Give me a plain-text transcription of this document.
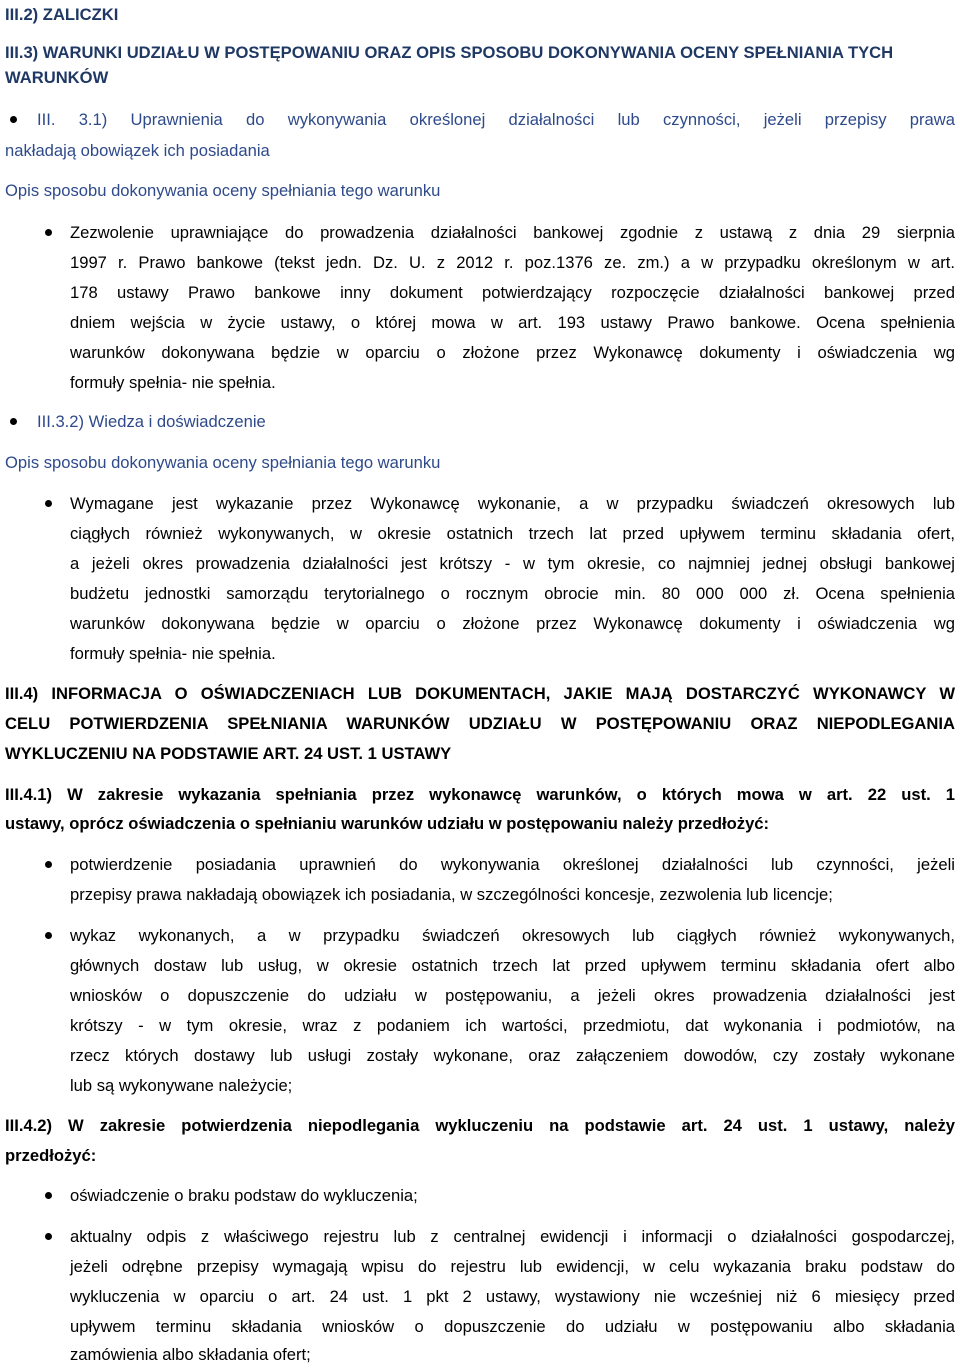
III.2) ZALICZKI
III.3) WARUNKI UDZIAŁU W POSTĘPOWANIU ORAZ OPIS SPOSOBU DOKONYWANIA OCENY SPEŁNIANIA TYCH
WARUNKÓW
III. 3.1) Uprawnienia do wykonywania określonej działalności lub czynności, jeżeli przepisy prawa
nakładają obowiązek ich posiadania
Opis sposobu dokonywania oceny spełniania tego warunku
Zezwolenie uprawniające do prowadzenia działalności bankowej zgodnie z ustawą z dnia 29 sierpnia
1997 r. Prawo bankowe (tekst jedn. Dz. U. z 2012 r. poz.1376 ze. zm.) a w przypadku określonym w art.
178 ustawy Prawo bankowe inny dokument potwierdzający rozpoczęcie działalności bankowej przed
dniem wejścia w życie ustawy, o której mowa w art. 193 ustawy Prawo bankowe. Ocena spełnienia
warunków dokonywana będzie w oparciu o złożone przez Wykonawcę dokumenty i oświadczenia wg
formuły spełnia- nie spełnia.
III.3.2) Wiedza i doświadczenie
Opis sposobu dokonywania oceny spełniania tego warunku
Wymagane jest wykazanie przez Wykonawcę wykonanie, a w przypadku świadczeń okresowych lub
ciągłych również wykonywanych, w okresie ostatnich trzech lat przed upływem terminu składania ofert,
a jeżeli okres prowadzenia działalności jest krótszy - w tym okresie, co najmniej jednej obsługi bankowej
budżetu jednostki samorządu terytorialnego o rocznym obrocie min. 80 000 000 zł. Ocena spełnienia
warunków dokonywana będzie w oparciu o złożone przez Wykonawcę dokumenty i oświadczenia wg
formuły spełnia- nie spełnia.
III.4) INFORMACJA O OŚWIADCZENIACH LUB DOKUMENTACH, JAKIE MAJĄ DOSTARCZYĆ WYKONAWCY W
CELU POTWIERDZENIA SPEŁNIANIA WARUNKÓW UDZIAŁU W POSTĘPOWANIU ORAZ NIEPODLEGANIA
WYKLUCZENIU NA PODSTAWIE ART. 24 UST. 1 USTAWY
III.4.1) W zakresie wykazania spełniania przez wykonawcę warunków, o których mowa w art. 22 ust. 1
ustawy, oprócz oświadczenia o spełnianiu warunków udziału w postępowaniu należy przedłożyć:
potwierdzenie posiadania uprawnień do wykonywania określonej działalności lub czynności, jeżeli
przepisy prawa nakładają obowiązek ich posiadania, w szczególności koncesje, zezwolenia lub licencje;
wykaz wykonanych, a w przypadku świadczeń okresowych lub ciągłych również wykonywanych,
głównych dostaw lub usług, w okresie ostatnich trzech lat przed upływem terminu składania ofert albo
wniosków o dopuszczenie do udziału w postępowaniu, a jeżeli okres prowadzenia działalności jest
krótszy - w tym okresie, wraz z podaniem ich wartości, przedmiotu, dat wykonania i podmiotów, na
rzecz których dostawy lub usługi zostały wykonane, oraz załączeniem dowodów, czy zostały wykonane
lub są wykonywane należycie;
III.4.2) W zakresie potwierdzenia niepodlegania wykluczeniu na podstawie art. 24 ust. 1 ustawy, należy
przedłożyć:
oświadczenie o braku podstaw do wykluczenia;
aktualny odpis z właściwego rejestru lub z centralnej ewidencji i informacji o działalności gospodarczej,
jeżeli odrębne przepisy wymagają wpisu do rejestru lub ewidencji, w celu wykazania braku podstaw do
wykluczenia w oparciu o art. 24 ust. 1 pkt 2 ustawy, wystawiony nie wcześniej niż 6 miesięcy przed
upływem terminu składania wniosków o dopuszczenie do udziału w postępowaniu albo składania
zamówienia albo składania ofert;
